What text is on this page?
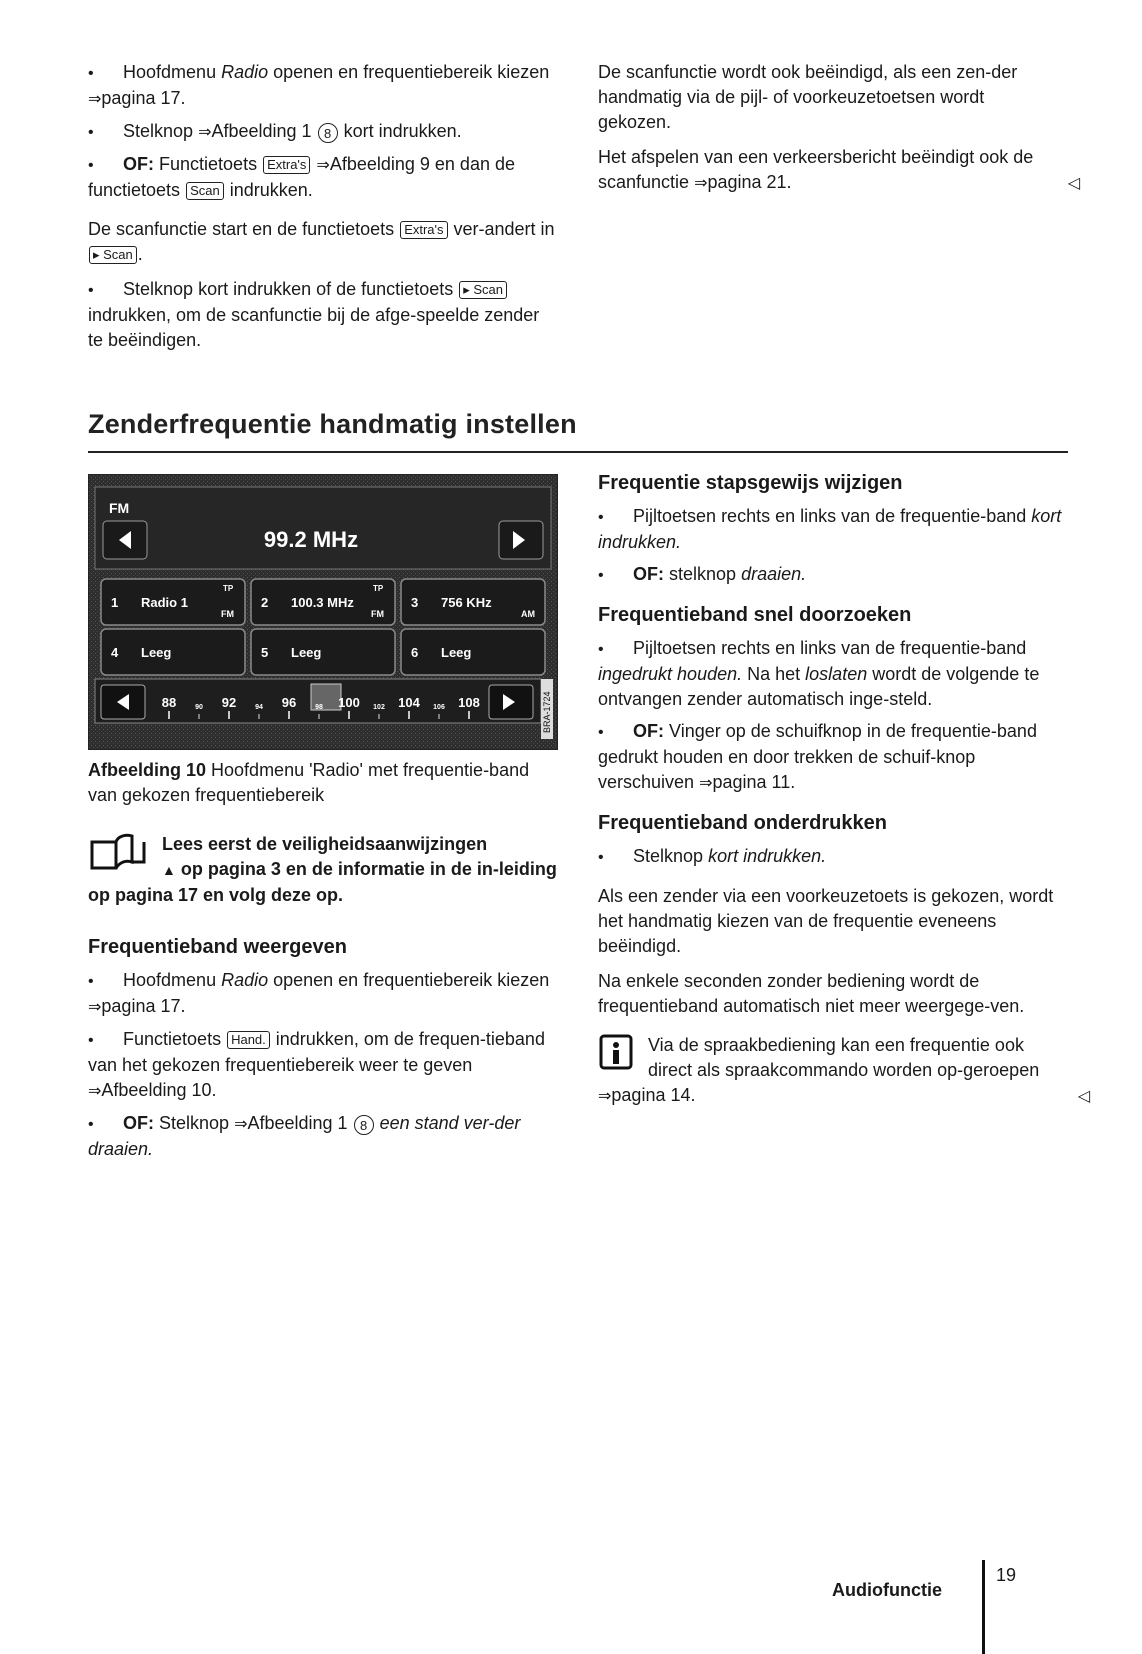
• Hoofdmenu Radio openen en frequentiebereik kiezen ⇒pagina 17.
• Stelknop ⇒Afbeelding 1 8 kort indrukken.
• OF: Functietoets Extra's ⇒Afbeelding 9 en dan de functietoets Scan indrukken.

De scanfunctie start en de functietoets Extra's ver-andert in ▸ Scan .

• Stelknop kort indrukken of de functietoets ▸ Scan indrukken, om de scanfunctie bij de afge-speelde zender te beëindigen.

De scanfunctie wordt ook beëindigd, als een zen-der handmatig via de pijl- of voorkeuzetoetsen wordt gekozen.

Het afspelen van een verkeersbericht beëindigt ook de scanfunctie ⇒pagina 21.	◁

Zenderfrequentie handmatig instellen
FM
99.2 MHz
1 Radio 1
TP
FM
2 100.3 MHz
TP
FM
3 756 KHz
AM
4 Leeg	5 Leeg	6 Leeg
88	92	96	100	104	108
90	94	98	102	106	BRA-1724
Afbeelding 10 Hoofdmenu 'Radio' met frequentie-band van gekozen frequentiebereik
Lees eerst de veiligheidsaanwijzingen
▲ op pagina 3 en de informatie in de in-leiding op pagina 17 en volg deze op.
Frequentieband weergeven
• Hoofdmenu Radio openen en frequentiebereik kiezen ⇒pagina 17.
• Functietoets Hand. indrukken, om de frequen-tieband van het gekozen frequentiebereik weer te geven ⇒Afbeelding 10.
• OF: Stelknop ⇒Afbeelding 1 8 een stand ver-der draaien.
Frequentie stapsgewijs wijzigen
• Pijltoetsen rechts en links van de frequentie-band kort indrukken.
• OF: stelknop draaien.
Frequentieband snel doorzoeken
• Pijltoetsen rechts en links van de frequentie-band ingedrukt houden. Na het loslaten wordt de volgende te ontvangen zender automatisch inge-steld.
• OF: Vinger op de schuifknop in de frequentie-band gedrukt houden en door trekken de schuif-knop verschuiven ⇒pagina 11.
Frequentieband onderdrukken
• Stelknop kort indrukken.

Als een zender via een voorkeuzetoets is gekozen, wordt het handmatig kiezen van de frequentie eveneens beëindigd.

Na enkele seconden zonder bediening wordt de frequentieband automatisch niet meer weergege-ven.

Via de spraakbediening kan een frequentie ook direct als spraakcommando worden op-geroepen ⇒pagina 14.	◁
Audiofunctie
19
